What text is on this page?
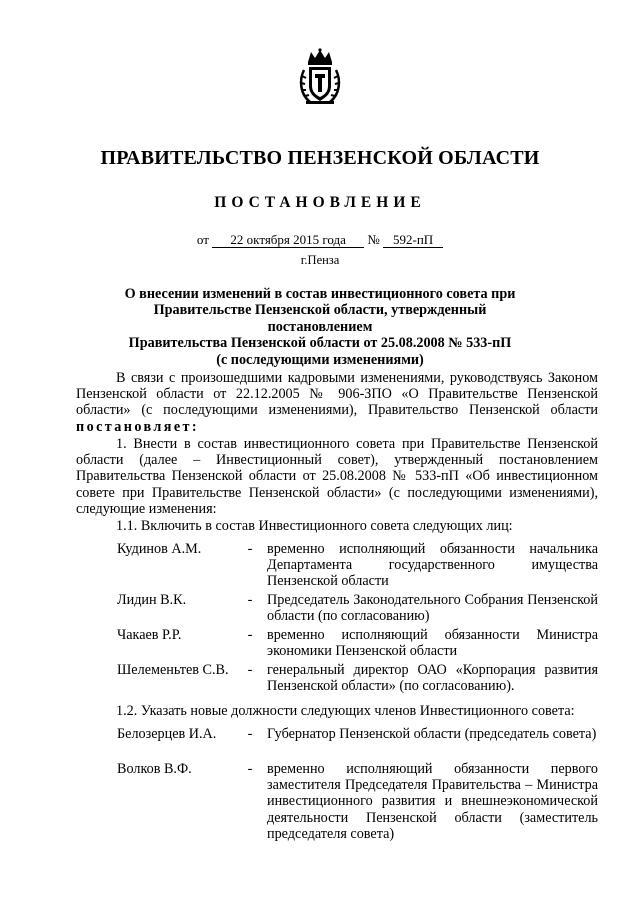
ПРАВИТЕЛЬСТВО ПЕНЗЕНСКОЙ ОБЛАСТИ
ПОСТАНОВЛЕНИЕ
от 22 октября 2015 года № 592-пП
г.Пенза
О внесении изменений в состав инвестиционного совета при
Правительстве Пензенской области, утвержденный постановлением
Правительства Пензенской области от 25.08.2008 № 533-пП
(с последующими изменениями)
В связи с произошедшими кадровыми изменениями, руководствуясь Законом Пензенской области от 22.12.2005 № 906-ЗПО «О Правительстве Пензенской области» (с последующими изменениями), Правительство Пензенской области постановляет:
1. Внести в состав инвестиционного совета при Правительстве Пензенской области (далее – Инвестиционный совет), утвержденный постановлением Правительства Пензенской области от 25.08.2008 № 533-пП «Об инвестиционном совете при Правительстве Пензенской области» (с последующими изменениями), следующие изменения:
1.1. Включить в состав Инвестиционного совета следующих лиц:
Кудинов А.М.	-	временно исполняющий обязанности начальника Департамента государственного имущества Пензенской области
Лидин В.К.	-	Председатель Законодательного Собрания Пензенской области (по согласованию)
Чакаев Р.Р.	-	временно исполняющий обязанности Министра экономики Пензенской области
Шелеменьтев С.В.	-	генеральный директор ОАО «Корпорация развития Пензенской области» (по согласованию).
1.2. Указать новые должности следующих членов Инвестиционного совета:
Белозерцев И.А.	-	Губернатор Пензенской области (председатель совета)
Волков В.Ф.	-	временно исполняющий обязанности первого заместителя Председателя Правительства – Министра инвестиционного развития и внешнеэкономической деятельности Пензенской области (заместитель председателя совета)
